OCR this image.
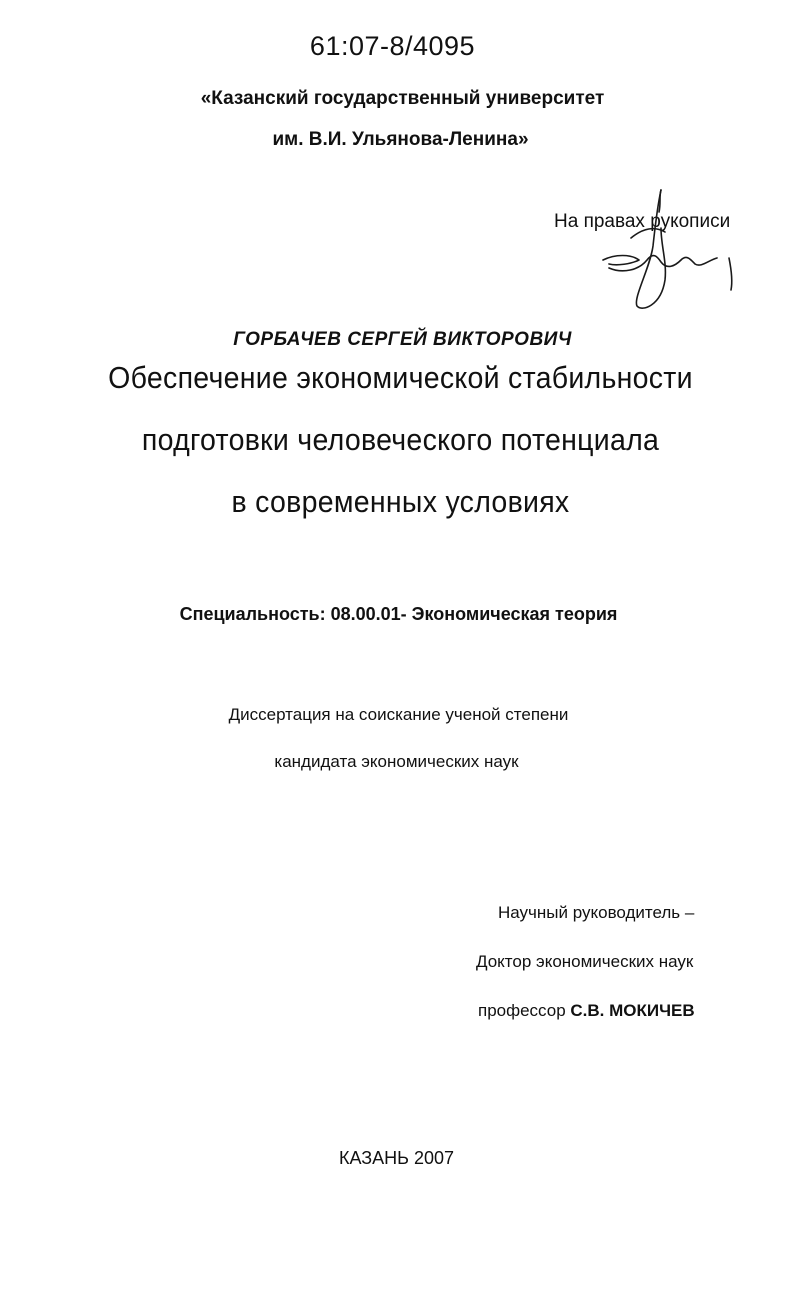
61:07-8/4095
«Казанский государственный университет
им. В.И. Ульянова-Ленина»
На правах рукописи
ГОРБАЧЕВ СЕРГЕЙ ВИКТОРОВИЧ
Обеспечение экономической стабильности
подготовки человеческого потенциала
в современных условиях
Специальность: 08.00.01- Экономическая теория
Диссертация на соискание ученой степени
кандидата экономических наук
Научный руководитель –
Доктор экономических наук
профессор С.В. МОКИЧЕВ
КАЗАНЬ 2007
